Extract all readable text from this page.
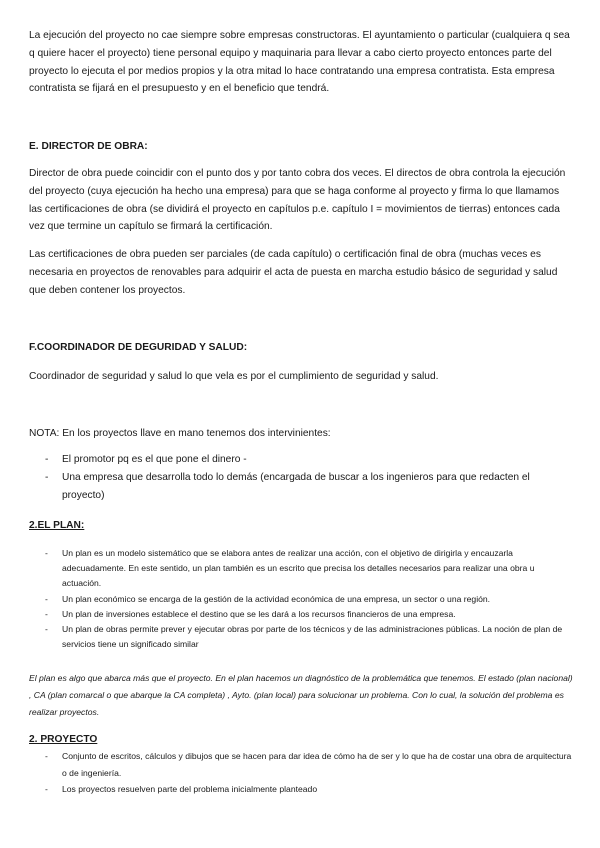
La ejecución del proyecto no cae siempre sobre empresas constructoras. El ayuntamiento o particular (cualquiera q sea q quiere hacer el proyecto) tiene personal equipo y maquinaria para llevar a cabo cierto proyecto entonces parte del proyecto lo ejecuta el por medios propios y la otra mitad lo hace contratando una empresa contratista. Esta empresa contratista se fijará en el presupuesto y en el beneficio que tendrá.

E. DIRECTOR DE OBRA:

Director de obra puede coincidir con el punto dos y por tanto cobra dos veces. El directos de obra controla la ejecución del proyecto (cuya ejecución ha hecho una empresa) para que se haga conforme al proyecto y firma lo que llamamos las certificaciones de obra (se dividirá el proyecto en capítulos p.e. capítulo I = movimientos de tierras) entonces cada vez que termine un capítulo se firmará la certificación.

Las certificaciones de obra pueden ser parciales (de cada capítulo) o certificación final de obra (muchas veces es necesaria en proyectos de renovables para adquirir el acta de puesta en marcha estudio básico de seguridad y salud que deben contener los proyectos.

F.COORDINADOR DE DEGURIDAD Y SALUD:

Coordinador de seguridad y salud lo que vela es por el cumplimiento de seguridad y salud.

NOTA: En los proyectos llave en mano tenemos dos intervinientes:

- El promotor pq es el que pone el dinero -
- Una empresa que desarrolla todo lo demás (encargada de buscar a los ingenieros para que redacten el proyecto)

2.EL PLAN:

- Un plan es un modelo sistemático que se elabora antes de realizar una acción, con el objetivo de dirigirla y encauzarla adecuadamente. En este sentido, un plan también es un escrito que precisa los detalles necesarios para realizar una obra u actuación.
- Un plan económico se encarga de la gestión de la actividad económica de una empresa, un sector o una región.
- Un plan de inversiones establece el destino que se les dará a los recursos financieros de una empresa.
- Un plan de obras permite prever y ejecutar obras por parte de los técnicos y de las administraciones públicas. La noción de plan de servicios tiene un significado similar

El plan es algo que abarca más que el proyecto. En el plan hacemos un diagnóstico de la problemática que tenemos. El estado (plan nacional) , CA (plan comarcal o que abarque la CA completa) , Ayto. (plan local) para solucionar un problema. Con lo cual, la solución del problema es realizar proyectos.

2. PROYECTO

- Conjunto de escritos, cálculos y dibujos que se hacen para dar idea de cómo ha de ser y lo que ha de costar una obra de arquitectura o de ingeniería.
- Los proyectos resuelven parte del problema inicialmente planteado
